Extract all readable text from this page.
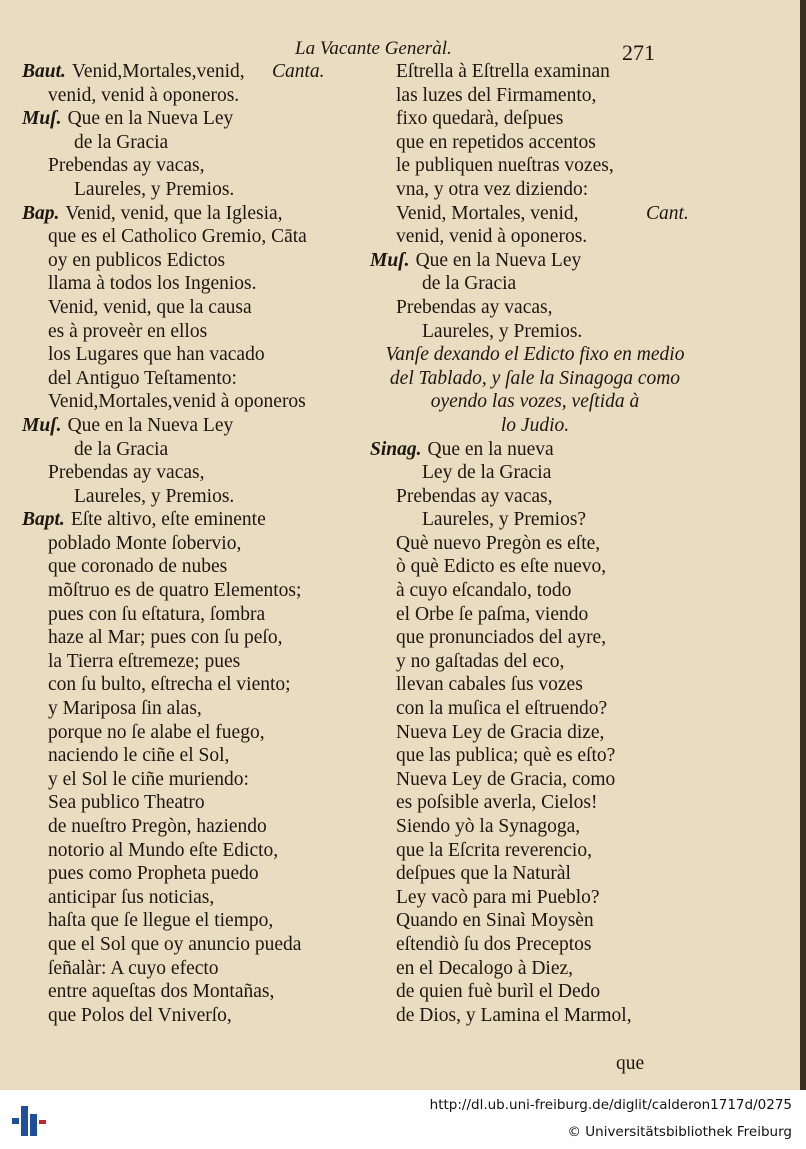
La Vacante Generàl.	271
Baut. Venid,Mortales,venid, Canta.
venid, venid à oponeros.
Muſ. Que en la Nueva Ley
de la Gracia
Prebendas ay vacas,
Laureles, y Premios.
Bap. Venid, venid, que la Iglesia,
que es el Catholico Gremio, Cāta
oy en publicos Edictos
llama à todos los Ingenios.
Venid, venid, que la causa
es à proveèr en ellos
los Lugares que han vacado
del Antiguo Teſtamento:
Venid,Mortales,venid à oponeros
Muſ. Que en la Nueva Ley
de la Gracia
Prebendas ay vacas,
Laureles, y Premios.
Bapt. Eſte altivo, eſte eminente
poblado Monte ſobervio,
que coronado de nubes
mõſtruo es de quatro Elementos;
pues con ſu eſtatura, ſombra
haze al Mar; pues con ſu peſo,
la Tierra eſtremeze; pues
con ſu bulto, eſtrecha el viento;
y Mariposa ſin alas,
porque no ſe alabe el fuego,
naciendo le ciñe el Sol,
y el Sol le ciñe muriendo:
Sea publico Theatro
de nueſtro Pregòn, haziendo
notorio al Mundo eſte Edicto,
pues como Propheta puedo
anticipar ſus noticias,
haſta que ſe llegue el tiempo,
que el Sol que oy anuncio pueda
ſeñalàr: A cuyo efecto
entre aqueſtas dos Montañas,
que Polos del Vniverſo,
Eſtrella à Eſtrella examinan
las luzes del Firmamento,
fixo quedarà, deſpues
que en repetidos accentos
le publiquen nueſtras vozes,
vna, y otra vez diziendo:
Venid, Mortales, venid,	Cant.
venid, venid à oponeros.
Muſ. Que en la Nueva Ley
de la Gracia
Prebendas ay vacas,
Laureles, y Premios.
Vanſe dexando el Edicto fixo en medio
del Tablado, y ſale la Sinagoga como
oyendo las vozes, veſtida à
lo Judio.
Sinag. Que en la nueva
Ley de la Gracia
Prebendas ay vacas,
Laureles, y Premios?
Què nuevo Pregòn es eſte,
ò què Edicto es eſte nuevo,
à cuyo eſcandalo, todo
el Orbe ſe paſma, viendo
que pronunciados del ayre,
y no gaſtadas del eco,
llevan cabales ſus vozes
con la muſica el eſtruendo?
Nueva Ley de Gracia dize,
que las publica; què es eſto?
Nueva Ley de Gracia, como
es poſsible averla, Cielos!
Siendo yò la Synagoga,
que la Eſcrita reverencio,
deſpues que la Naturàl
Ley vacò para mi Pueblo?
Quando en Sinaì Moysèn
eſtendiò ſu dos Preceptos
en el Decalogo à Diez,
de quien fuè burìl el Dedo
de Dios, y Lamina el Marmol,
que
http://dl.ub.uni-freiburg.de/diglit/calderon1717d/0275
© Universitätsbibliothek Freiburg
